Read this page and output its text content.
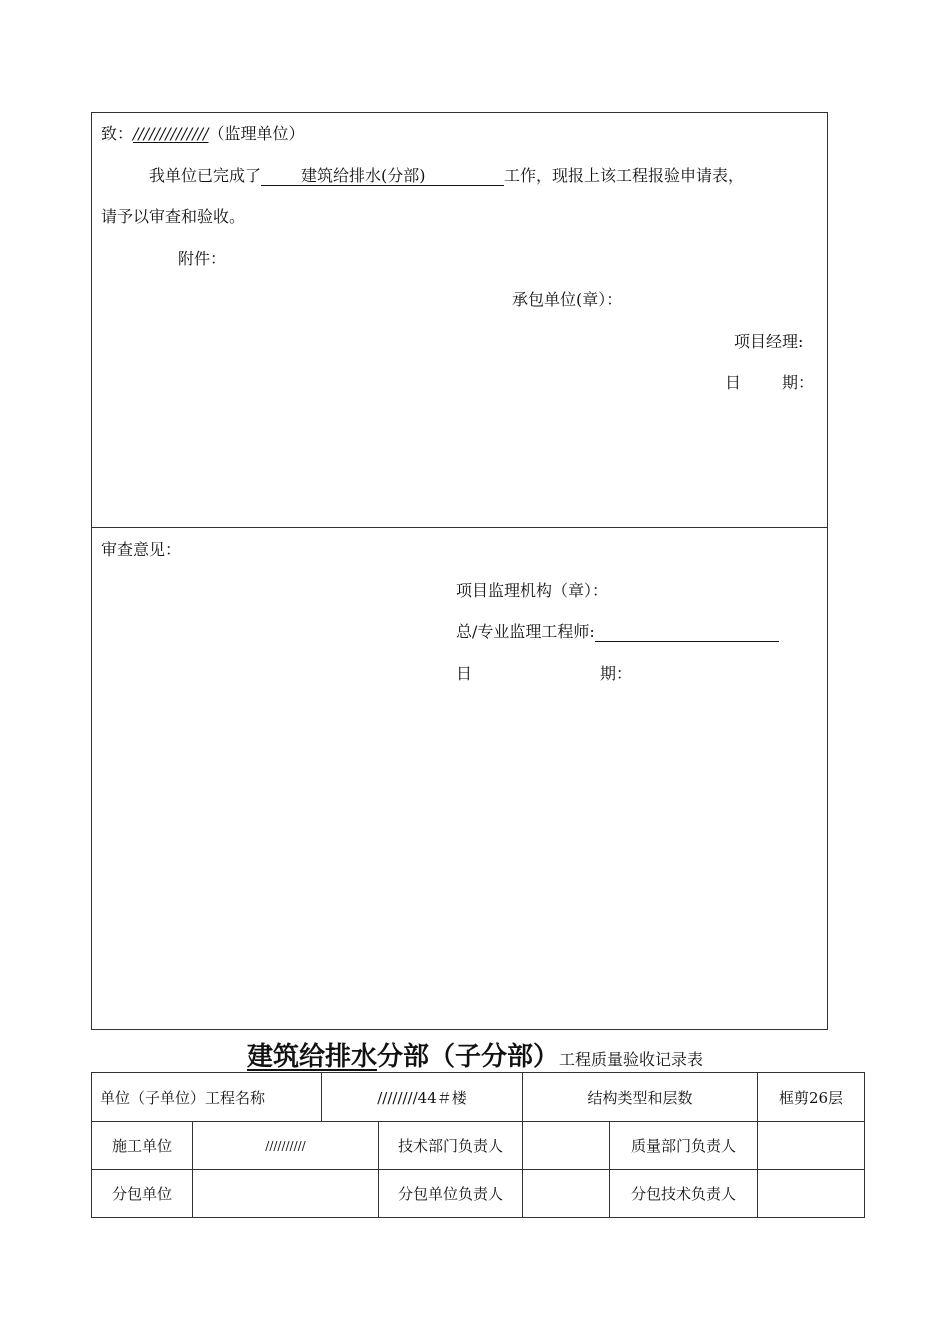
致：//////////////（监理单位）
我单位已完成了	建筑给排水(分部)	工作，现报上该工程报验申请表，
请予以审查和验收。
附件：
承包单位(章）：
项目经理:
日	期：
审查意见：
项目监理机构（章）：
总/专业监理工程师:
日	期：
建筑给排水分部（子分部）工程质量验收记录表
单位（子单位）工程名称		////////44＃楼		结构类型和层数		框剪26层
施工单位	//////////		技术部门负责人		质量部门负责人	
分包单位			分包单位负责人		分包技术负责人	
